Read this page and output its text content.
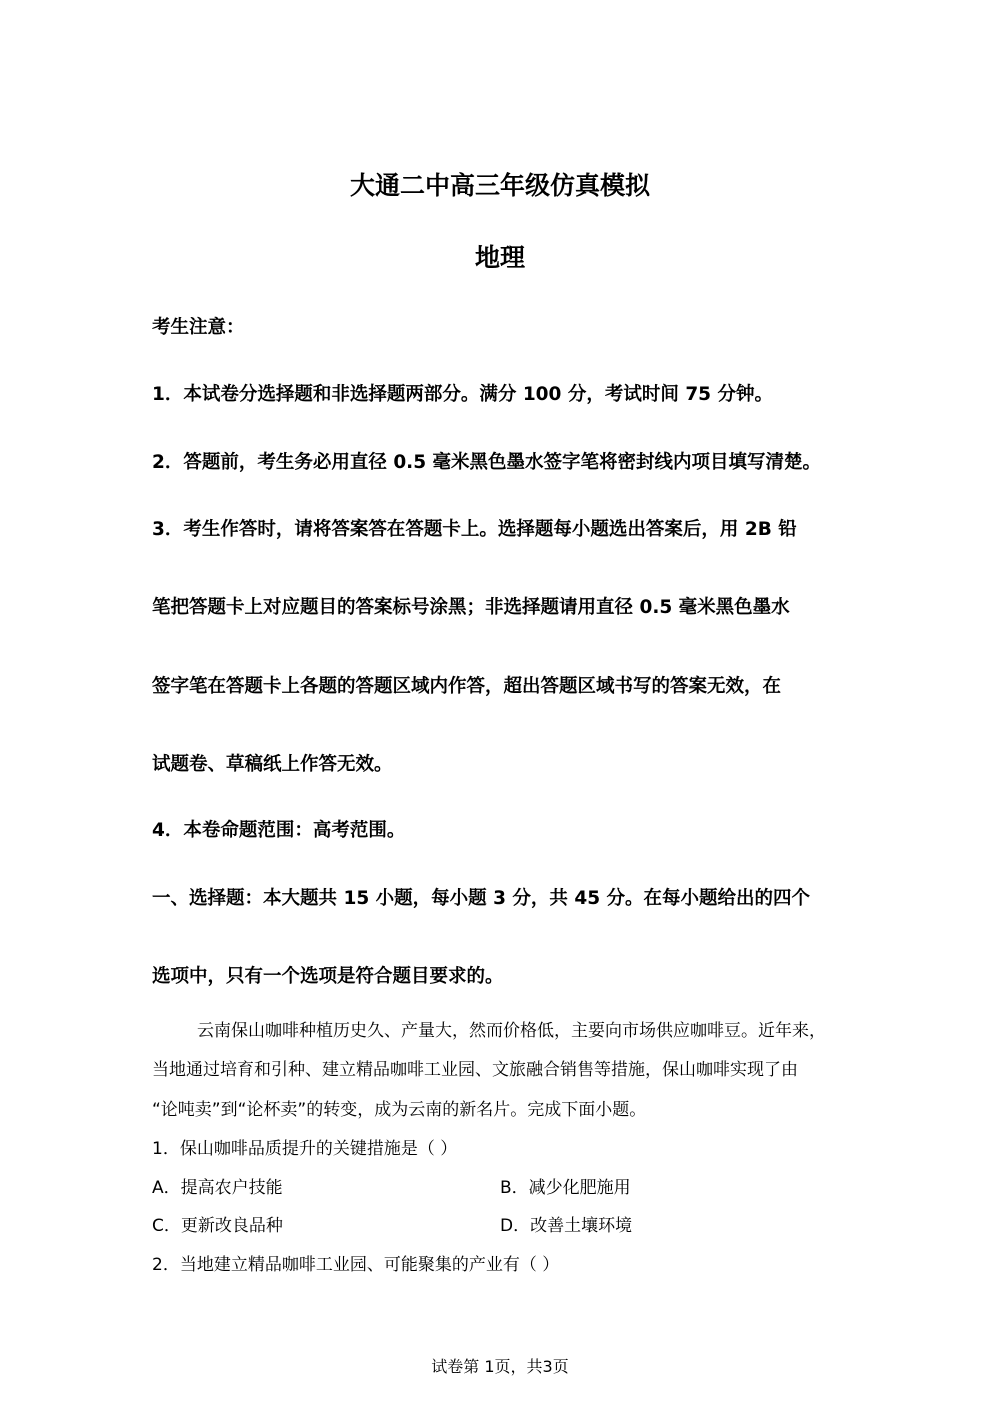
大通二中高三年级仿真模拟
地理
考生注意：
1．本试卷分选择题和非选择题两部分。满分 100 分，考试时间 75 分钟。
2．答题前，考生务必用直径 0.5 毫米黑色墨水签字笔将密封线内项目填写清楚。
3．考生作答时，请将答案答在答题卡上。选择题每小题选出答案后，用 2B 铅
笔把答题卡上对应题目的答案标号涂黑；非选择题请用直径 0.5 毫米黑色墨水
签字笔在答题卡上各题的答题区域内作答，超出答题区域书写的答案无效，在
试题卷、草稿纸上作答无效。
4．本卷命题范围：高考范围。
一、选择题：本大题共 15 小题，每小题 3 分，共 45 分。在每小题给出的四个
选项中，只有一个选项是符合题目要求的。
云南保山咖啡种植历史久、产量大，然而价格低，主要向市场供应咖啡豆。近年来，
当地通过培育和引种、建立精品咖啡工业园、文旅融合销售等措施，保山咖啡实现了由
“论吨卖”到“论杯卖”的转变，成为云南的新名片。完成下面小题。
1．保山咖啡品质提升的关键措施是（ ）
A．提高农户技能	B．减少化肥施用
C．更新改良品种	D．改善土壤环境
2．当地建立精品咖啡工业园、可能聚集的产业有（ ）
试卷第 1页，共3页
